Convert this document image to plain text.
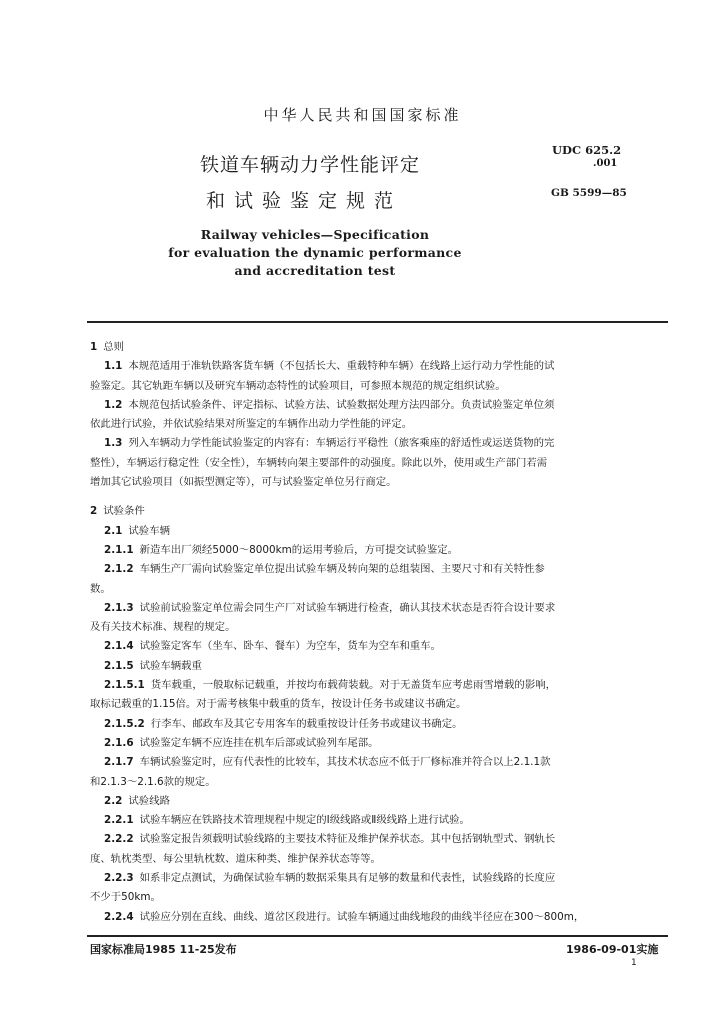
中华人民共和国国家标准
铁道车辆动力学性能评定
和试验鉴定规范
UDC 625.2
.001
GB 5599—85
Railway vehicles—Specification
for evaluation the dynamic performance
and accreditation test
1 总则
1.1 本规范适用于准轨铁路客货车辆（不包括长大、重载特种车辆）在线路上运行动力学性能的试
验鉴定。其它轨距车辆以及研究车辆动态特性的试验项目，可参照本规范的规定组织试验。
1.2 本规范包括试验条件、评定指标、试验方法、试验数据处理方法四部分。负责试验鉴定单位须
依此进行试验，并依试验结果对所鉴定的车辆作出动力学性能的评定。
1.3 列入车辆动力学性能试验鉴定的内容有：车辆运行平稳性（旅客乘座的舒适性或运送货物的完
整性），车辆运行稳定性（安全性），车辆转向架主要部件的动强度。除此以外，使用或生产部门若需
增加其它试验项目（如振型测定等），可与试验鉴定单位另行商定。
2 试验条件
2.1 试验车辆
2.1.1 新造车出厂须经5000～8000km的运用考验后，方可提交试验鉴定。
2.1.2 车辆生产厂需向试验鉴定单位提出试验车辆及转向架的总组装图、主要尺寸和有关特性参
数。
2.1.3 试验前试验鉴定单位需会同生产厂对试验车辆进行检查，确认其技术状态是否符合设计要求
及有关技术标准、规程的规定。
2.1.4 试验鉴定客车（坐车、卧车、餐车）为空车，货车为空车和重车。
2.1.5 试验车辆载重
2.1.5.1 货车载重，一般取标记载重，并按均布载荷装载。对于无盖货车应考虑雨雪增载的影响，
取标记载重的1.15倍。对于需考核集中载重的货车，按设计任务书或建议书确定。
2.1.5.2 行李车、邮政车及其它专用客车的载重按设计任务书或建议书确定。
2.1.6 试验鉴定车辆不应连挂在机车后部或试验列车尾部。
2.1.7 车辆试验鉴定时，应有代表性的比较车，其技术状态应不低于厂修标准并符合以上2.1.1款
和2.1.3～2.1.6款的规定。
2.2 试验线路
2.2.1 试验车辆应在铁路技术管理规程中规定的Ⅰ级线路或Ⅱ级线路上进行试验。
2.2.2 试验鉴定报告须载明试验线路的主要技术特征及维护保养状态。其中包括钢轨型式、钢轨长
度、轨枕类型、每公里轨枕数、道床种类、维护保养状态等等。
2.2.3 如系非定点测试，为确保试验车辆的数据采集具有足够的数量和代表性，试验线路的长度应
不少于50km。
2.2.4 试验应分别在直线、曲线、道岔区段进行。试验车辆通过曲线地段的曲线半径应在300～800m，
国家标准局1985 11-25发布	1986-09-01实施
1
